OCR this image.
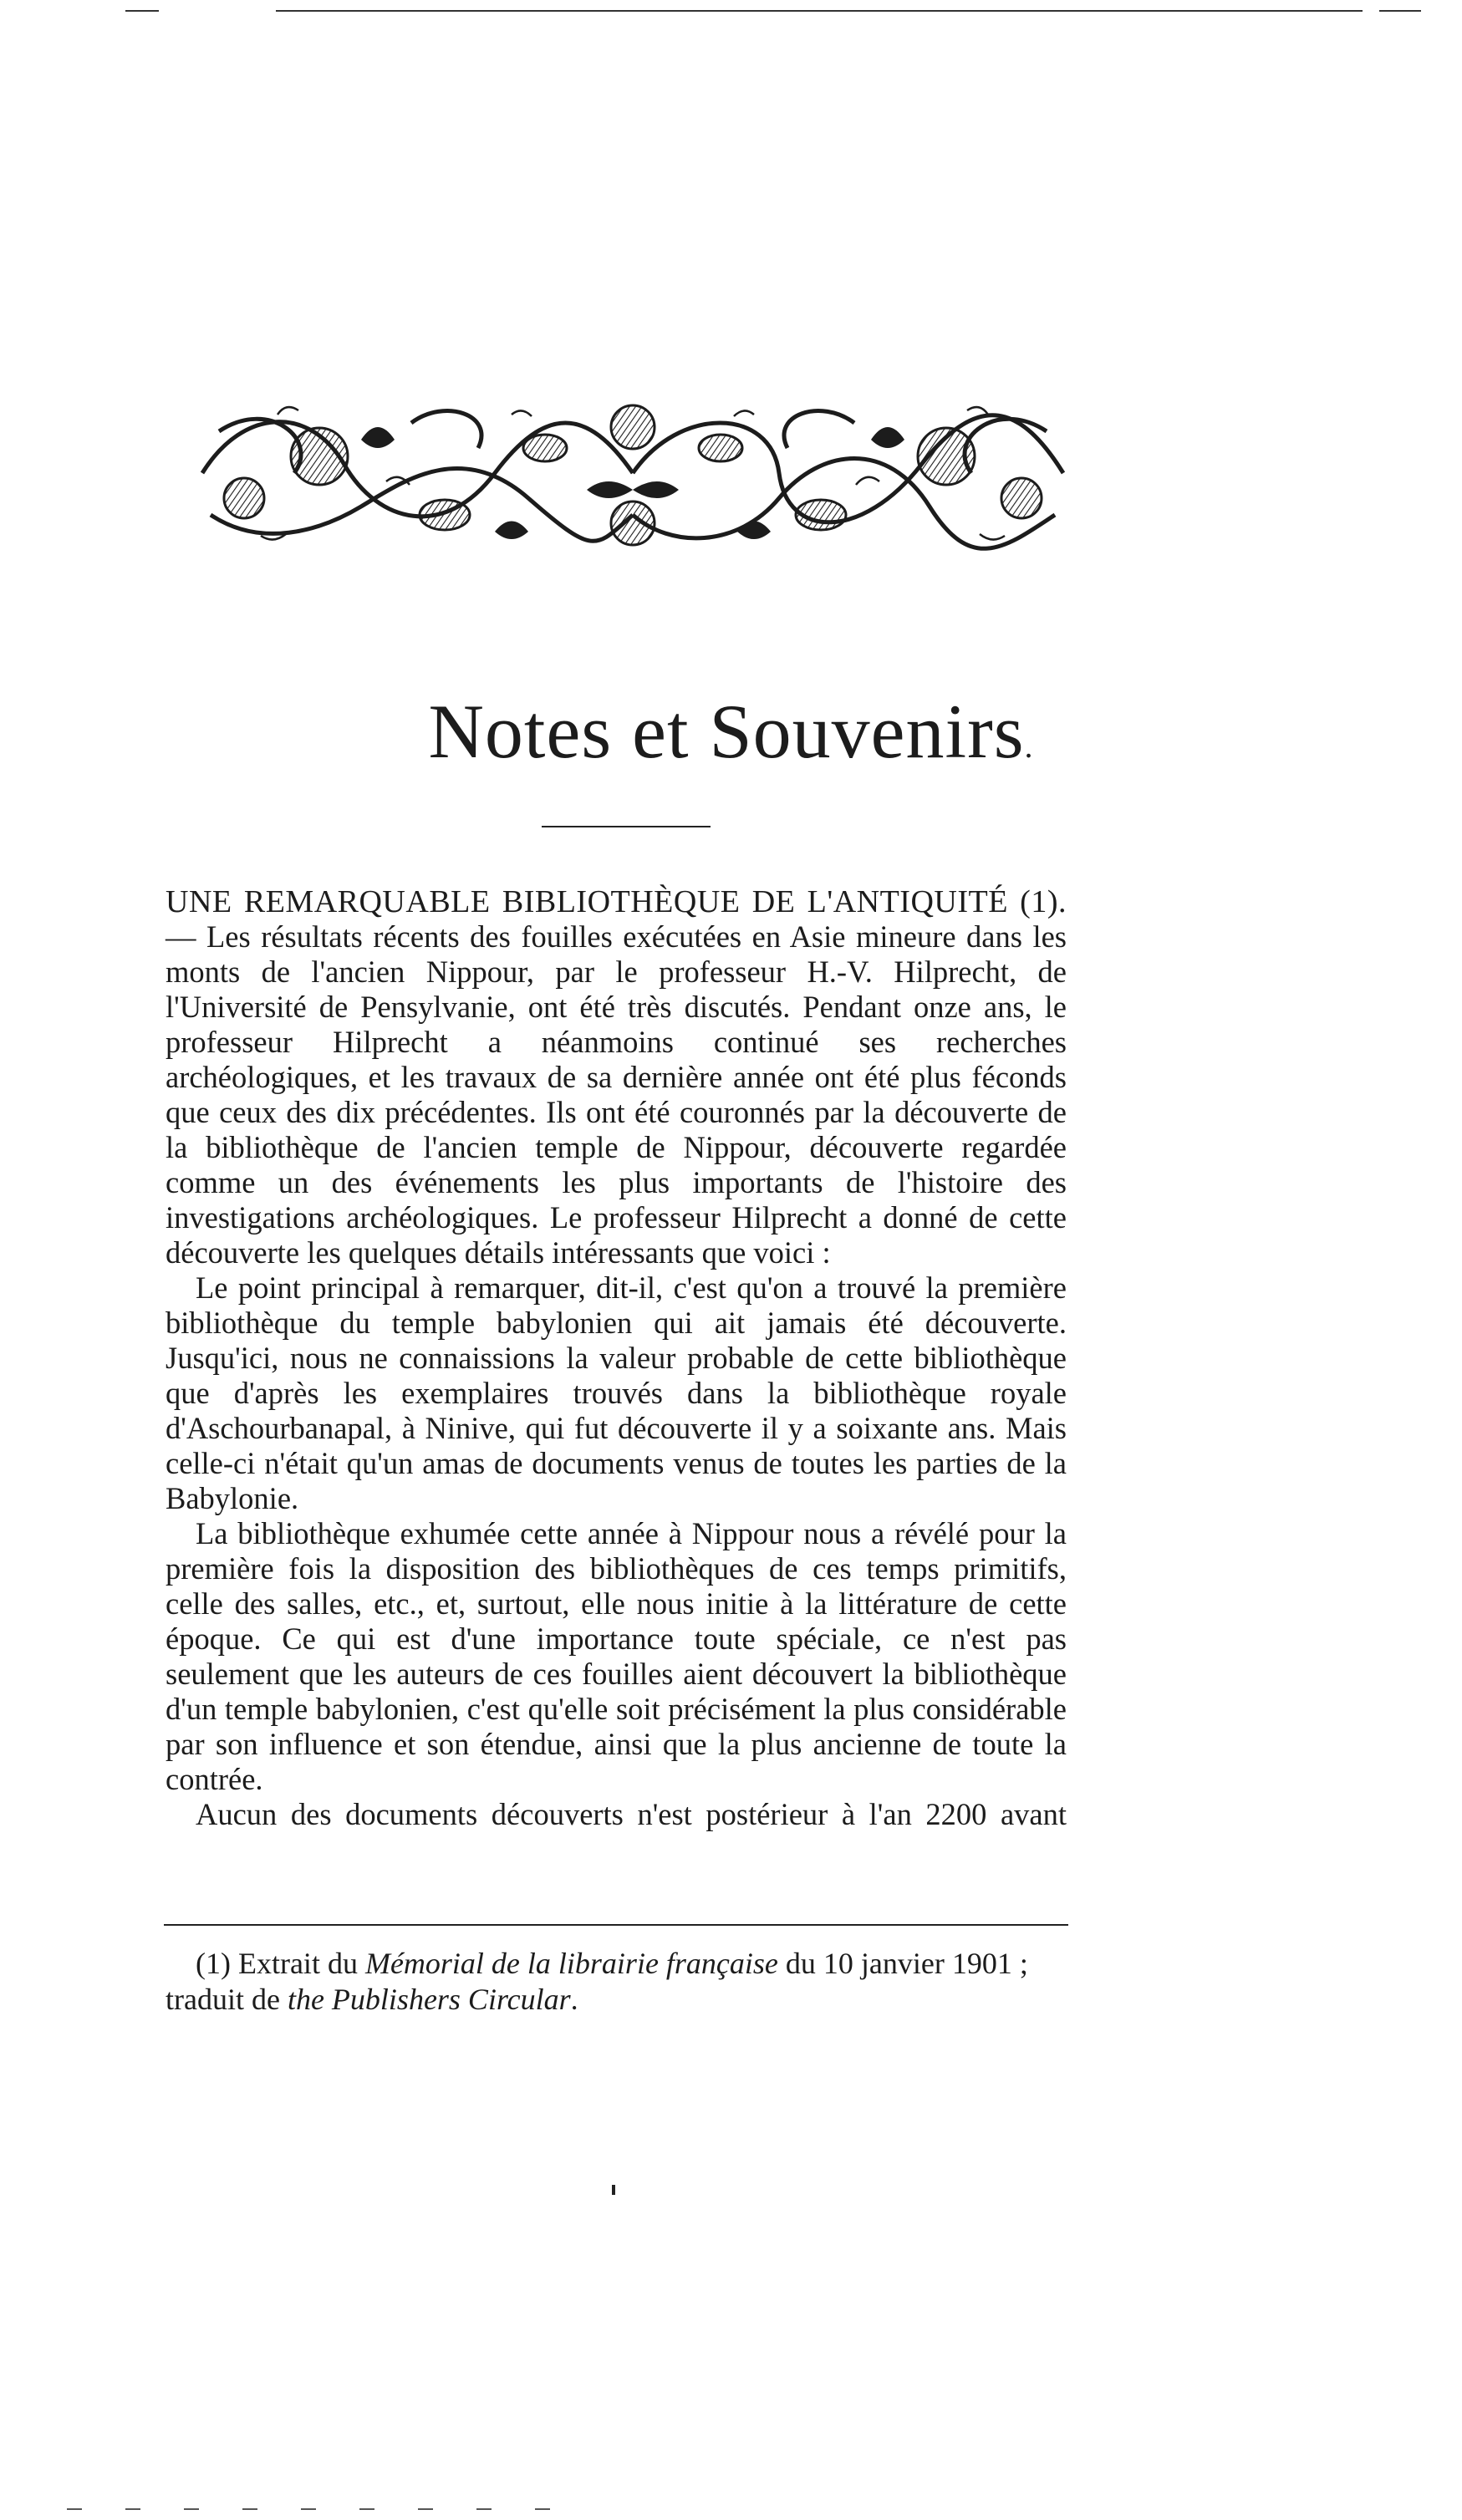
Notes et Souvenirs.

UNE REMARQUABLE BIBLIOTHÈQUE DE L'ANTIQUITÉ (1).

— Les résultats récents des fouilles exécutées en Asie mineure dans les monts de l'ancien Nippour, par le professeur H.-V. Hilprecht, de l'Université de Pensylvanie, ont été très discutés. Pendant onze ans, le professeur Hilprecht a néanmoins continué ses recherches archéologiques, et les travaux de sa dernière année ont été plus féconds que ceux des dix précédentes. Ils ont été couronnés par la découverte de la bibliothèque de l'ancien temple de Nippour, découverte regardée comme un des événements les plus importants de l'histoire des investigations archéologiques. Le professeur Hilprecht a donné de cette découverte les quelques détails intéressants que voici :

Le point principal à remarquer, dit-il, c'est qu'on a trouvé la première bibliothèque du temple babylonien qui ait jamais été découverte. Jusqu'ici, nous ne connaissions la valeur probable de cette bibliothèque que d'après les exemplaires trouvés dans la bibliothèque royale d'Aschourbanapal, à Ninive, qui fut découverte il y a soixante ans. Mais celle-ci n'était qu'un amas de documents venus de toutes les parties de la Babylonie.

La bibliothèque exhumée cette année à Nippour nous a révélé pour la première fois la disposition des bibliothèques de ces temps primitifs, celle des salles, etc., et, surtout, elle nous initie à la littérature de cette époque. Ce qui est d'une importance toute spéciale, ce n'est pas seulement que les auteurs de ces fouilles aient découvert la bibliothèque d'un temple babylonien, c'est qu'elle soit précisément la plus considérable par son influence et son étendue, ainsi que la plus ancienne de toute la contrée.

Aucun des documents découverts n'est postérieur à l'an 2200 avant

(1) Extrait du Mémorial de la librairie française du 10 janvier 1901 ; traduit de the Publishers Circular.
